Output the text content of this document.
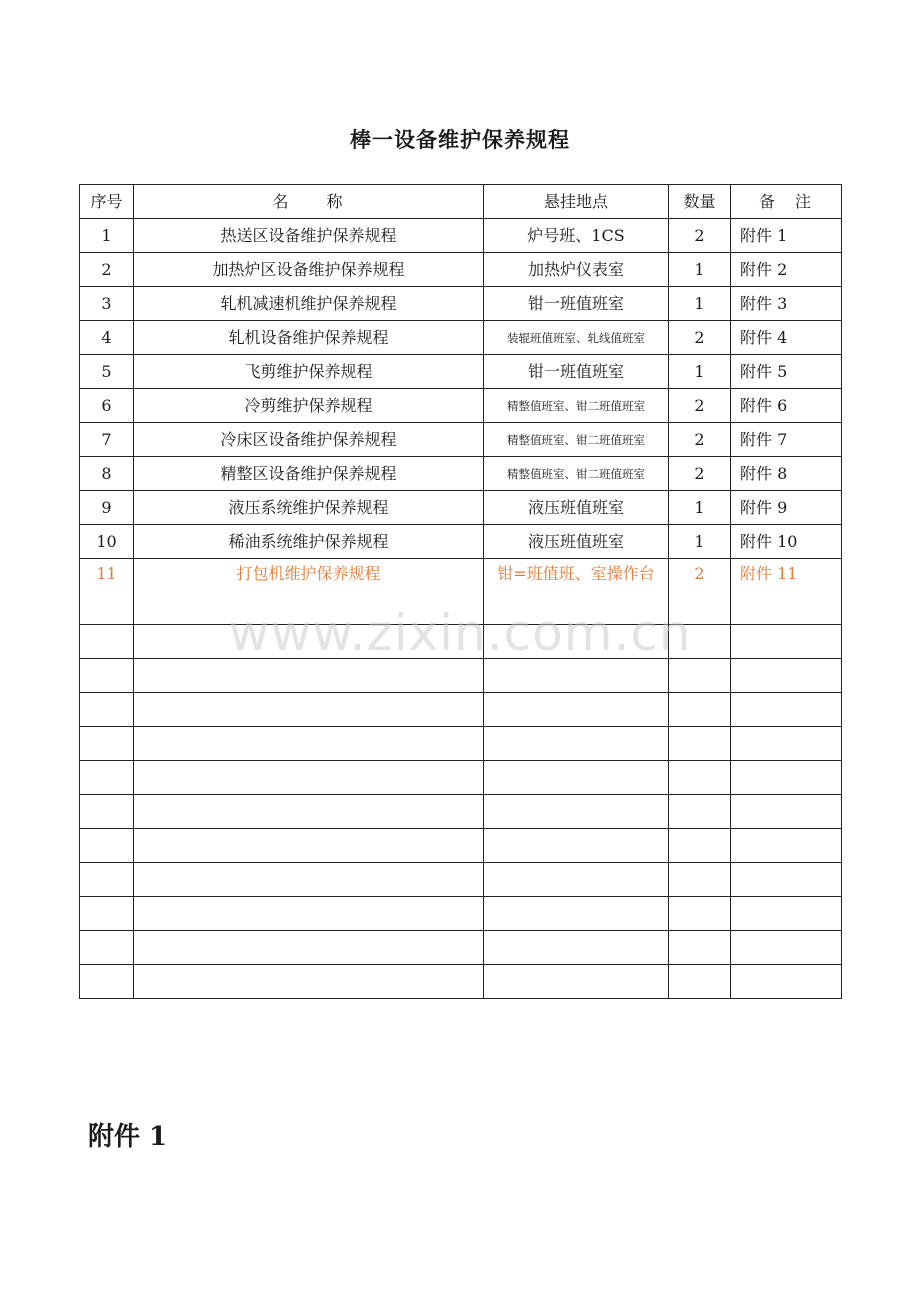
棒一设备维护保养规程
序号	名　　称	悬挂地点	数量	备　注
1	热送区设备维护保养规程	炉号班、1CS	2	附件 1
2	加热炉区设备维护保养规程	加热炉仪表室	1	附件 2
3	轧机减速机维护保养规程	钳一班值班室	1	附件 3
4	轧机设备维护保养规程	装辊班值班室、轧线值班室	2	附件 4
5	飞剪维护保养规程	钳一班值班室	1	附件 5
6	冷剪维护保养规程	精整值班室、钳二班值班室	2	附件 6
7	冷床区设备维护保养规程	精整值班室、钳二班值班室	2	附件 7
8	精整区设备维护保养规程	精整值班室、钳二班值班室	2	附件 8
9	液压系统维护保养规程	液压班值班室	1	附件 9
10	稀油系统维护保养规程	液压班值班室	1	附件 10
11	打包机维护保养规程	钳=班值班、室操作台	2	附件 11

www.zixin.com.cn
附件 1
